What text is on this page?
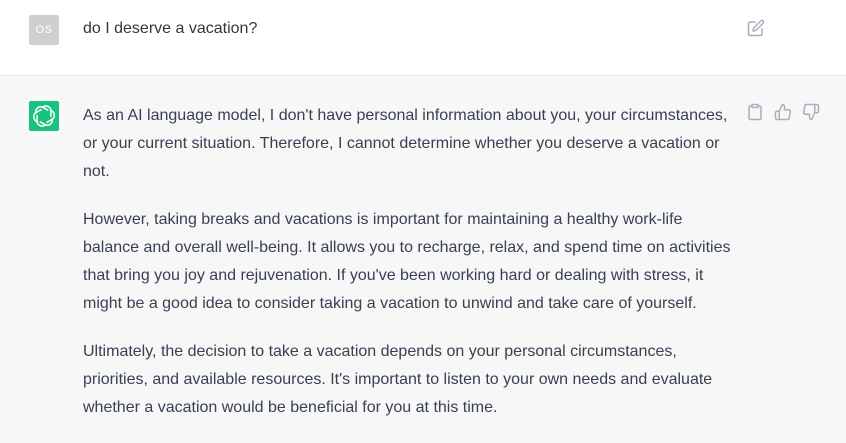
OS	do I deserve a vacation?

As an AI language model, I don't have personal information about you, your circumstances, or your current situation. Therefore, I cannot determine whether you deserve a vacation or not.

However, taking breaks and vacations is important for maintaining a healthy work-life balance and overall well-being. It allows you to recharge, relax, and spend time on activities that bring you joy and rejuvenation. If you've been working hard or dealing with stress, it might be a good idea to consider taking a vacation to unwind and take care of yourself.

Ultimately, the decision to take a vacation depends on your personal circumstances, priorities, and available resources. It's important to listen to your own needs and evaluate whether a vacation would be beneficial for you at this time.
